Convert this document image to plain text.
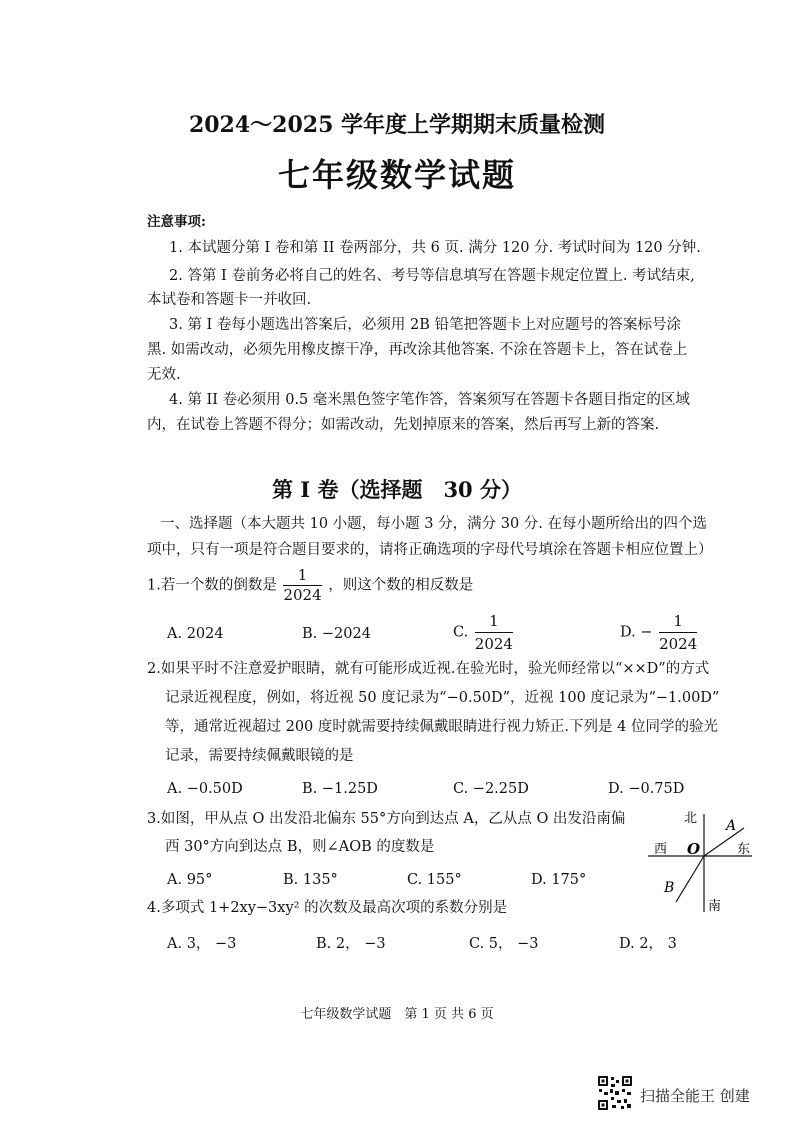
2024～2025 学年度上学期期末质量检测
七年级数学试题
注意事项:
1. 本试题分第 I 卷和第 II 卷两部分，共 6 页. 满分 120 分. 考试时间为 120 分钟.
2. 答第 I 卷前务必将自己的姓名、考号等信息填写在答题卡规定位置上. 考试结束,
本试卷和答题卡一并收回.
3. 第 I 卷每小题选出答案后，必须用 2B 铅笔把答题卡上对应题号的答案标号涂
黑. 如需改动，必须先用橡皮擦干净，再改涂其他答案. 不涂在答题卡上，答在试卷上
无效.
4. 第 II 卷必须用 0.5 毫米黑色签字笔作答，答案须写在答题卡各题目指定的区域
内，在试卷上答题不得分；如需改动，先划掉原来的答案，然后再写上新的答案.
第 I 卷（选择题　30 分）
一、选择题（本大题共 10 小题，每小题 3 分，满分 30 分. 在每小题所给出的四个选
项中，只有一项是符合题目要求的，请将正确选项的字母代号填涂在答题卡相应位置上）
1.若一个数的倒数是 $\frac{1}{2024}$ ，则这个数的相反数是
A. 2024	B. −2024	C. $\frac{1}{2024}$	D. − $\frac{1}{2024}$
2.如果平时不注意爱护眼睛，就有可能形成近视.在验光时，验光师经常以“××D”的方式
记录近视程度，例如，将近视 50 度记录为“−0.50D”，近视 100 度记录为“−1.00D”
等，通常近视超过 200 度时就需要持续佩戴眼睛进行视力矫正.下列是 4 位同学的验光
记录，需要持续佩戴眼镜的是
A. −0.50D	B. −1.25D	C. −2.25D	D. −0.75D
3.如图，甲从点 O 出发沿北偏东 55°方向到达点 A，乙从点 O 出发沿南偏
西 30°方向到达点 B，则∠AOB 的度数是
A. 95°	B. 135°	C. 155°	D. 175°
北
南
西	东
O
A
B
4.多项式 1+2xy−3xy² 的次数及最高次项的系数分别是
A. 3， −3	B. 2， −3	C. 5， −3	D. 2， 3
七年级数学试题　第 1 页 共 6 页
扫描全能王 创建
